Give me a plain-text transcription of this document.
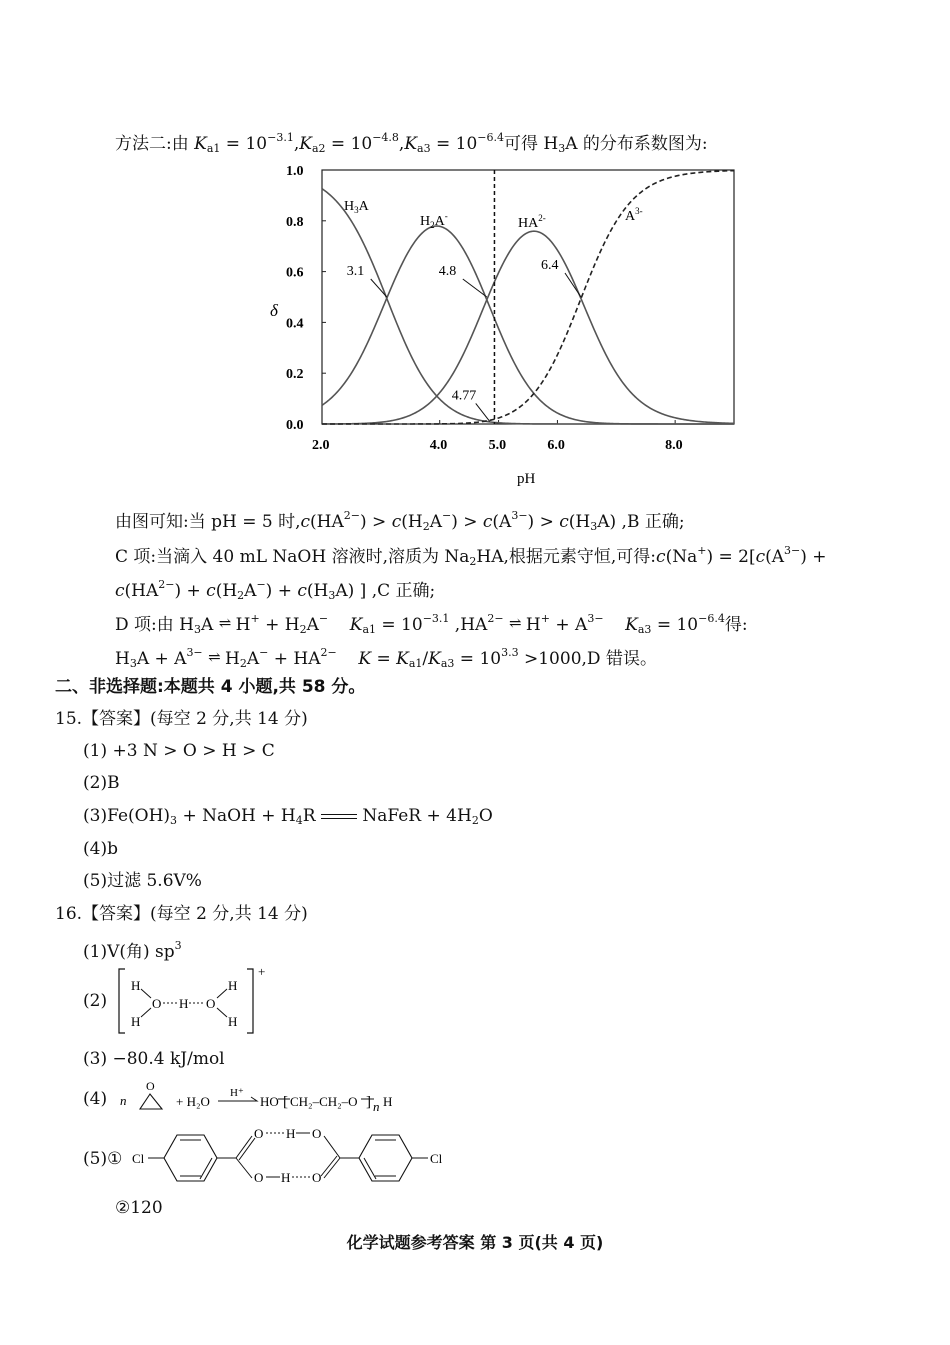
方法二:由 $K_{a1} = 10^{-3.1},K_{a2} = 10^{-4.8},K_{a3} = 10^{-6.4}$可得 $H_3A$ 的分布系数图为:
2.0	4.0	5.0	6.0	8.0
0.0
0.2
0.4
0.6
0.8
1.0
δ
pH
$H_3A$
$H_2A^-$	$HA^{2-}$	$A^{3-}$
3.1	4.8	6.4
4.77
由图可知:当 pH = 5 时$,c(HA^{2-}) > c(H_2A^-) > c(A^{3-}) > c(H_3A)$ ,B 正确;
C 项:当滴入 40 mL NaOH 溶液时,溶质为 $Na_2HA$,根据元素守恒,可得:c(Na+) = $2[c(A^{3-})$ +
$c(HA^{2-}) + c(H_2A^-) + c(H_3A)$ ] ,C 正确;
D 项:由 $H_3A$ ⇌ $H^+ + H_2A^-$ $K_{a1} = 10^{-3.1}$ $,HA^{2-}$ ⇌ $H^+ + A^{3-}$ $K_{a3} = 10^{-6.4}$得:
$H_3A + A^{3-}$ ⇌ $H_2A^- + HA^{2-}$ $K = K_{a1}/K_{a3} = 10^{3.3} >1000,D$ 错误。
二、非选择题:本题共 4 小题,共 58 分。
15.【答案】(每空 2 分,共 14 分)
(1) +3 N > O > H > C
(2)B
$(3)Fe(OH)_3$ + NaOH + $H_4R$  NaFeR + $4H_2O$
(4)b
(5)过滤 5.6V%
16.【答案】(每空 2 分,共 14 分)
(1)V(角) $sp^3$
(2)
+
H
H
O H O
H
H
(3) −80.4 kJ/mol
(4) n
O
+ H₂O
H⁺
HO [ CH₂–CH₂–O ] n H
(5)① Cl
O
O
H
H
O
O
Cl
②120
化学试题参考答案 第 3 页(共 4 页)
